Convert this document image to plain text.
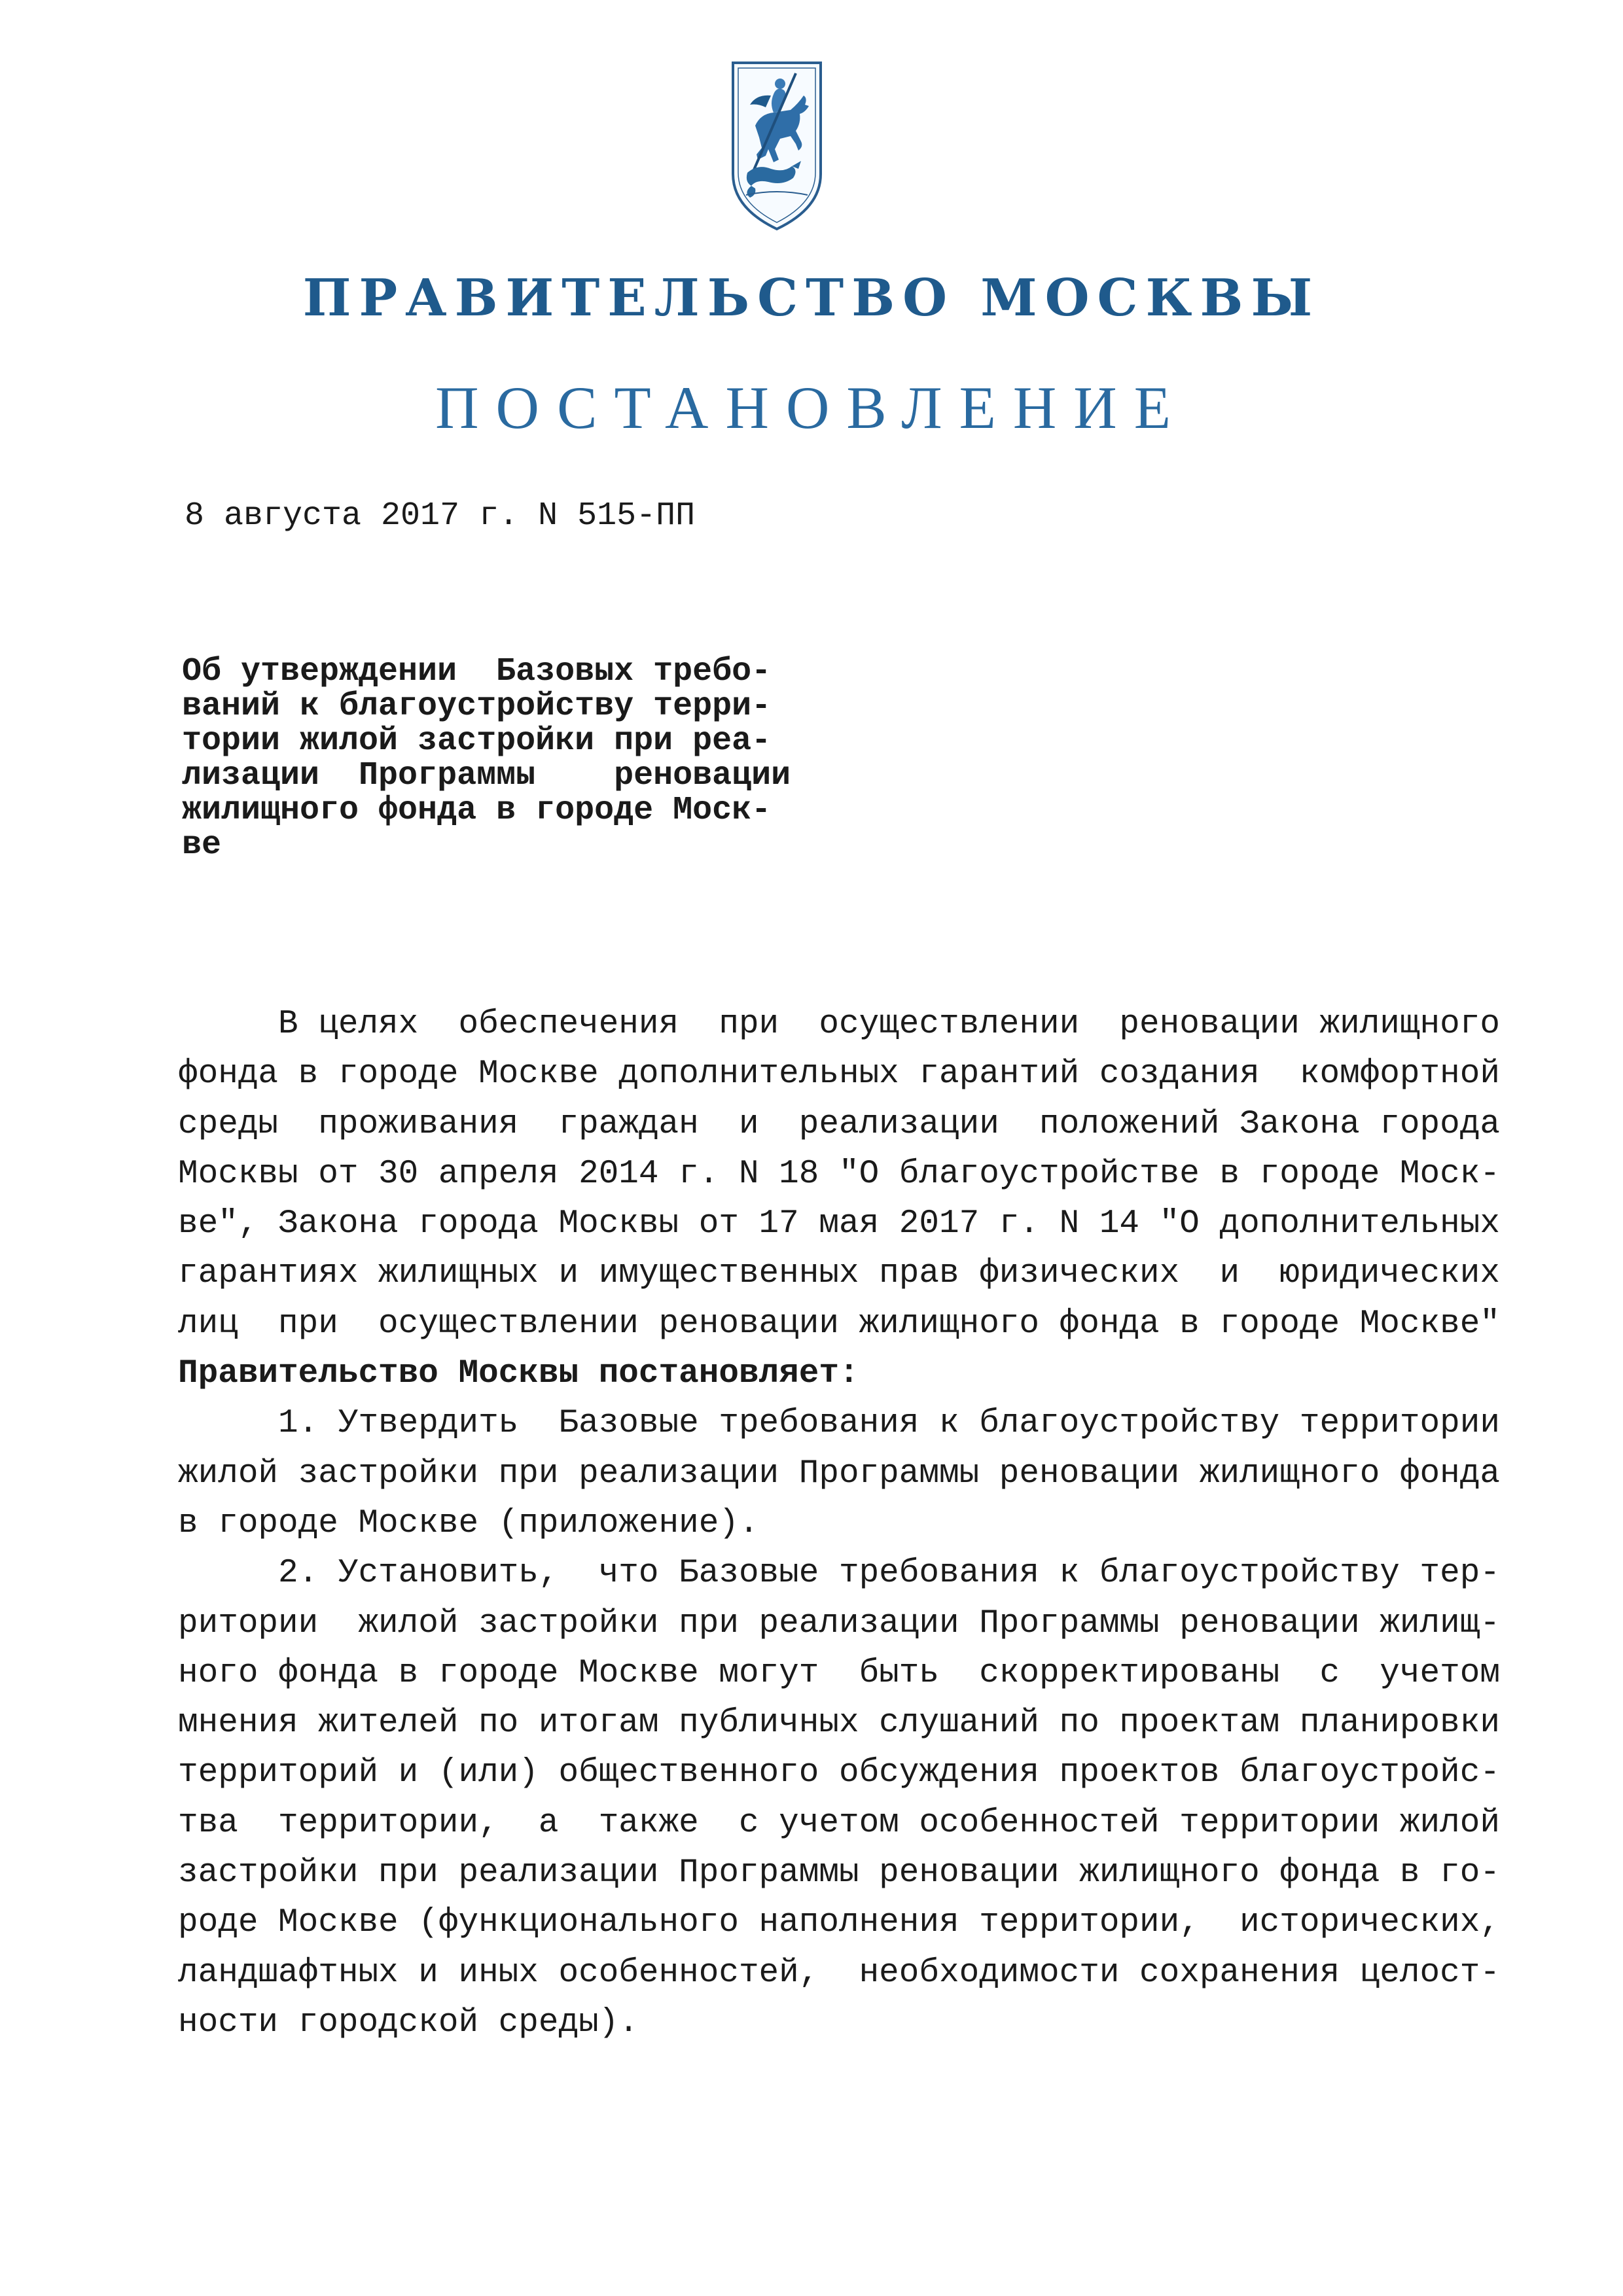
ПРАВИТЕЛЬСТВО МОСКВЫ
ПОСТАНОВЛЕНИЕ
8 августа 2017 г. N 515-ПП
Об утверждении  Базовых требо-
ваний к благоустройству терри-
тории жилой застройки при реа-
лизации  Программы    реновации
жилищного фонда в городе Моск-
ве
В целях  обеспечения  при  осуществлении  реновации жилищного
фонда в городе Москве дополнительных гарантий создания  комфортной
среды  проживания  граждан  и  реализации  положений Закона города
Москвы от 30 апреля 2014 г. N 18 "О благоустройстве в городе Моск-
ве", Закона города Москвы от 17 мая 2017 г. N 14 "О дополнительных
гарантиях жилищных и имущественных прав физических  и  юридических
лиц  при  осуществлении реновации жилищного фонда в городе Москве"
Правительство Москвы постановляет:
1. Утвердить  Базовые требования к благоустройству территории
жилой застройки при реализации Программы реновации жилищного фонда
в городе Москве (приложение).
2. Установить,  что Базовые требования к благоустройству тер-
ритории  жилой застройки при реализации Программы реновации жилищ-
ного фонда в городе Москве могут  быть  скорректированы  с  учетом
мнения жителей по итогам публичных слушаний по проектам планировки
территорий и (или) общественного обсуждения проектов благоустройс-
тва  территории,  а  также  с учетом особенностей территории жилой
застройки при реализации Программы реновации жилищного фонда в го-
роде Москве (функционального наполнения территории,  исторических,
ландшафтных и иных особенностей,  необходимости сохранения целост-
ности городской среды).
